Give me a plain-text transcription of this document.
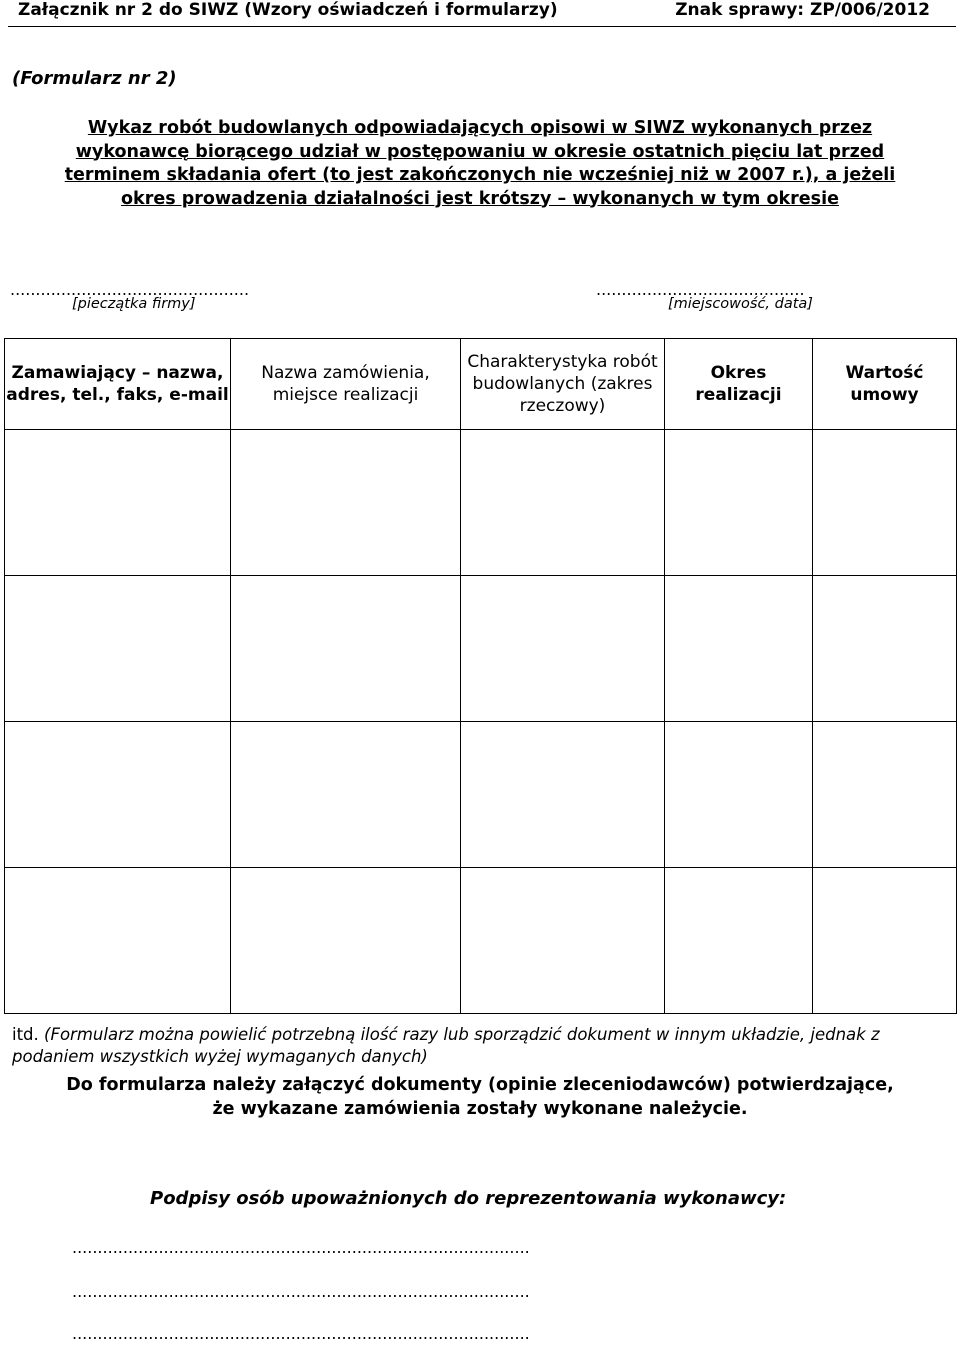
Załącznik nr 2 do SIWZ (Wzory oświadczeń i formularzy)	Znak sprawy: ZP/006/2012
(Formularz nr 2)
Wykaz robót budowlanych odpowiadających opisowi w SIWZ wykonanych przez
wykonawcę biorącego udział w postępowaniu w okresie ostatnich pięciu lat przed
terminem składania ofert (to jest zakończonych nie wcześniej niż w 2007 r.), a jeżeli
okres prowadzenia działalności jest krótszy – wykonanych w tym okresie
...............................................
[pieczątka firmy]
.........................................
[miejscowość, data]
Zamawiający – nazwa, adres, tel., faks, e-mail	Nazwa zamówienia, miejsce realizacji	Charakterystyka robót budowlanych (zakres rzeczowy)	Okres realizacji	Wartość umowy

itd. (Formularz można powielić potrzebną ilość razy lub sporządzić dokument w innym układzie, jednak z podaniem wszystkich wyżej wymaganych danych)
Do formularza należy załączyć dokumenty (opinie zleceniodawców) potwierdzające,
że wykazane zamówienia zostały wykonane należycie.
Podpisy osób upoważnionych do reprezentowania wykonawcy:
..........................................................................................
..........................................................................................
..........................................................................................
